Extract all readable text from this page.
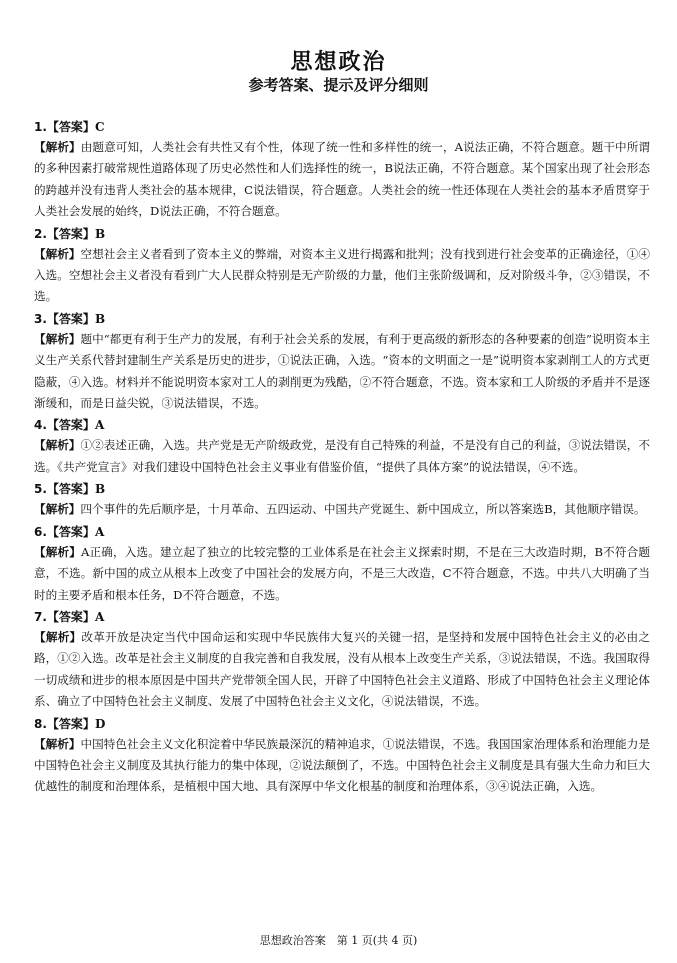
思想政治
参考答案、提示及评分细则

1.【答案】C

【解析】由题意可知，人类社会有共性又有个性，体现了统一性和多样性的统一，A说法正确，不符合题意。题干中所谓的多种因素打破常规性道路体现了历史必然性和人们选择性的统一，B说法正确，不符合题意。某个国家出现了社会形态的跨越并没有违背人类社会的基本规律，C说法错误，符合题意。人类社会的统一性还体现在人类社会的基本矛盾贯穿于人类社会发展的始终，D说法正确，不符合题意。

2.【答案】B

【解析】空想社会主义者看到了资本主义的弊端，对资本主义进行揭露和批判；没有找到进行社会变革的正确途径，①④入选。空想社会主义者没有看到广大人民群众特别是无产阶级的力量，他们主张阶级调和，反对阶级斗争，②③错误，不选。

3.【答案】B

【解析】题中“都更有利于生产力的发展，有利于社会关系的发展，有利于更高级的新形态的各种要素的创造”说明资本主义生产关系代替封建制生产关系是历史的进步，①说法正确，入选。“资本的文明面之一是”说明资本家剥削工人的方式更隐蔽，④入选。材料并不能说明资本家对工人的剥削更为残酷，②不符合题意，不选。资本家和工人阶级的矛盾并不是逐渐缓和，而是日益尖锐，③说法错误，不选。

4.【答案】A

【解析】①②表述正确，入选。共产党是无产阶级政党，是没有自己特殊的利益，不是没有自己的利益，③说法错误，不选。《共产党宣言》对我们建设中国特色社会主义事业有借鉴价值，“提供了具体方案”的说法错误，④不选。

5.【答案】B

【解析】四个事件的先后顺序是，十月革命、五四运动、中国共产党诞生、新中国成立，所以答案选B，其他顺序错误。

6.【答案】A

【解析】A正确，入选。建立起了独立的比较完整的工业体系是在社会主义探索时期，不是在三大改造时期，B不符合题意，不选。新中国的成立从根本上改变了中国社会的发展方向，不是三大改造，C不符合题意，不选。中共八大明确了当时的主要矛盾和根本任务，D不符合题意，不选。

7.【答案】A

【解析】改革开放是决定当代中国命运和实现中华民族伟大复兴的关键一招，是坚持和发展中国特色社会主义的必由之路，①②入选。改革是社会主义制度的自我完善和自我发展，没有从根本上改变生产关系，③说法错误，不选。我国取得一切成绩和进步的根本原因是中国共产党带领全国人民，开辟了中国特色社会主义道路、形成了中国特色社会主义理论体系、确立了中国特色社会主义制度、发展了中国特色社会主义文化，④说法错误，不选。

8.【答案】D

【解析】中国特色社会主义文化积淀着中华民族最深沉的精神追求，①说法错误，不选。我国国家治理体系和治理能力是中国特色社会主义制度及其执行能力的集中体现，②说法颠倒了，不选。中国特色社会主义制度是具有强大生命力和巨大优越性的制度和治理体系，是植根中国大地、具有深厚中华文化根基的制度和治理体系，③④说法正确，入选。

思想政治答案　第 1 页(共 4 页)
